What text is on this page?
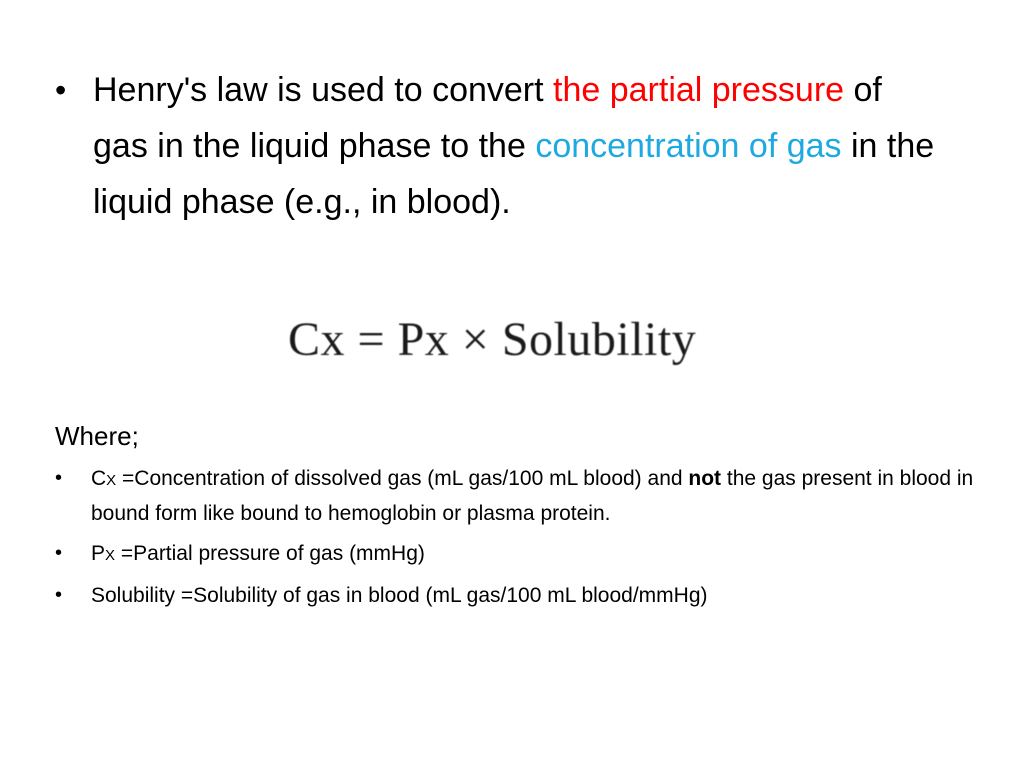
• Henry's law is used to convert the partial pressure of gas in the liquid phase to the concentration of gas in the liquid phase (e.g., in blood).
Cx = Px × Solubility
Where;
•	CX =Concentration of dissolved gas (mL gas/100 mL blood) and not the gas present in blood in bound form like bound to hemoglobin or plasma protein.
•	PX =Partial pressure of gas (mmHg)
•	Solubility =Solubility of gas in blood (mL gas/100 mL blood/mmHg)
